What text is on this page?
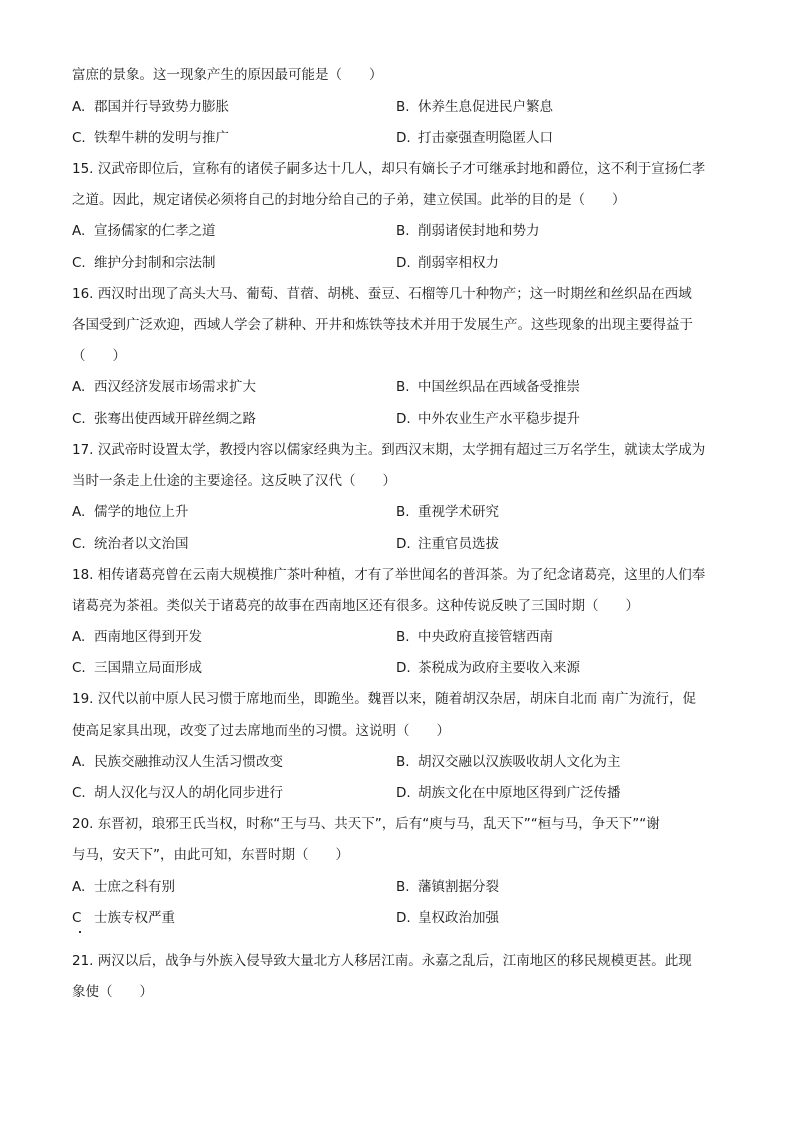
富庶的景象。这一现象产生的原因最可能是（　　）
A. 郡国并行导致势力膨胀	B. 休养生息促进民户繁息
C. 铁犁牛耕的发明与推广	D. 打击豪强查明隐匿人口
15. 汉武帝即位后，宣称有的诸侯子嗣多达十几人，却只有嫡长子才可继承封地和爵位，这不利于宣扬仁孝
之道。因此，规定诸侯必须将自己的封地分给自己的子弟，建立侯国。此举的目的是（　　）
A. 宣扬儒家的仁孝之道	B. 削弱诸侯封地和势力
C. 维护分封制和宗法制	D. 削弱宰相权力
16. 西汉时出现了高头大马、葡萄、苜蓿、胡桃、蚕豆、石榴等几十种物产；这一时期丝和丝织品在西域
各国受到广泛欢迎，西域人学会了耕种、开井和炼铁等技术并用于发展生产。这些现象的出现主要得益于
（　　）
A. 西汉经济发展市场需求扩大	B. 中国丝织品在西域备受推崇
C. 张骞出使西域开辟丝绸之路	D. 中外农业生产水平稳步提升
17. 汉武帝时设置太学，教授内容以儒家经典为主。到西汉末期，太学拥有超过三万名学生，就读太学成为
当时一条走上仕途的主要途径。这反映了汉代（　　）
A. 儒学的地位上升	B. 重视学术研究
C. 统治者以文治国	D. 注重官员选拔
18. 相传诸葛亮曾在云南大规模推广茶叶种植，才有了举世闻名的普洱茶。为了纪念诸葛亮，这里的人们奉
诸葛亮为茶祖。类似关于诸葛亮的故事在西南地区还有很多。这种传说反映了三国时期（　　）
A. 西南地区得到开发	B. 中央政府直接管辖西南
C. 三国鼎立局面形成	D. 茶税成为政府主要收入来源
19. 汉代以前中原人民习惯于席地而坐，即跪坐。魏晋以来，随着胡汉杂居，胡床自北而 南广为流行，促
使高足家具出现，改变了过去席地而坐的习惯。这说明（　　）
A. 民族交融推动汉人生活习惯改变	B. 胡汉交融以汉族吸收胡人文化为主
C. 胡人汉化与汉人的胡化同步进行	D. 胡族文化在中原地区得到广泛传播
20. 东晋初，琅邪王氏当权，时称“王与马、共天下”，后有“庾与马，乱天下”“桓与马，争天下”“谢
与马，安天下”，由此可知，东晋时期（　　）
A. 士庶之科有别	B. 藩镇割据分裂
C 士族专权严重	D. 皇权政治加强
21. 两汉以后，战争与外族入侵导致大量北方人移居江南。永嘉之乱后，江南地区的移民规模更甚。此现
象使（　　）
